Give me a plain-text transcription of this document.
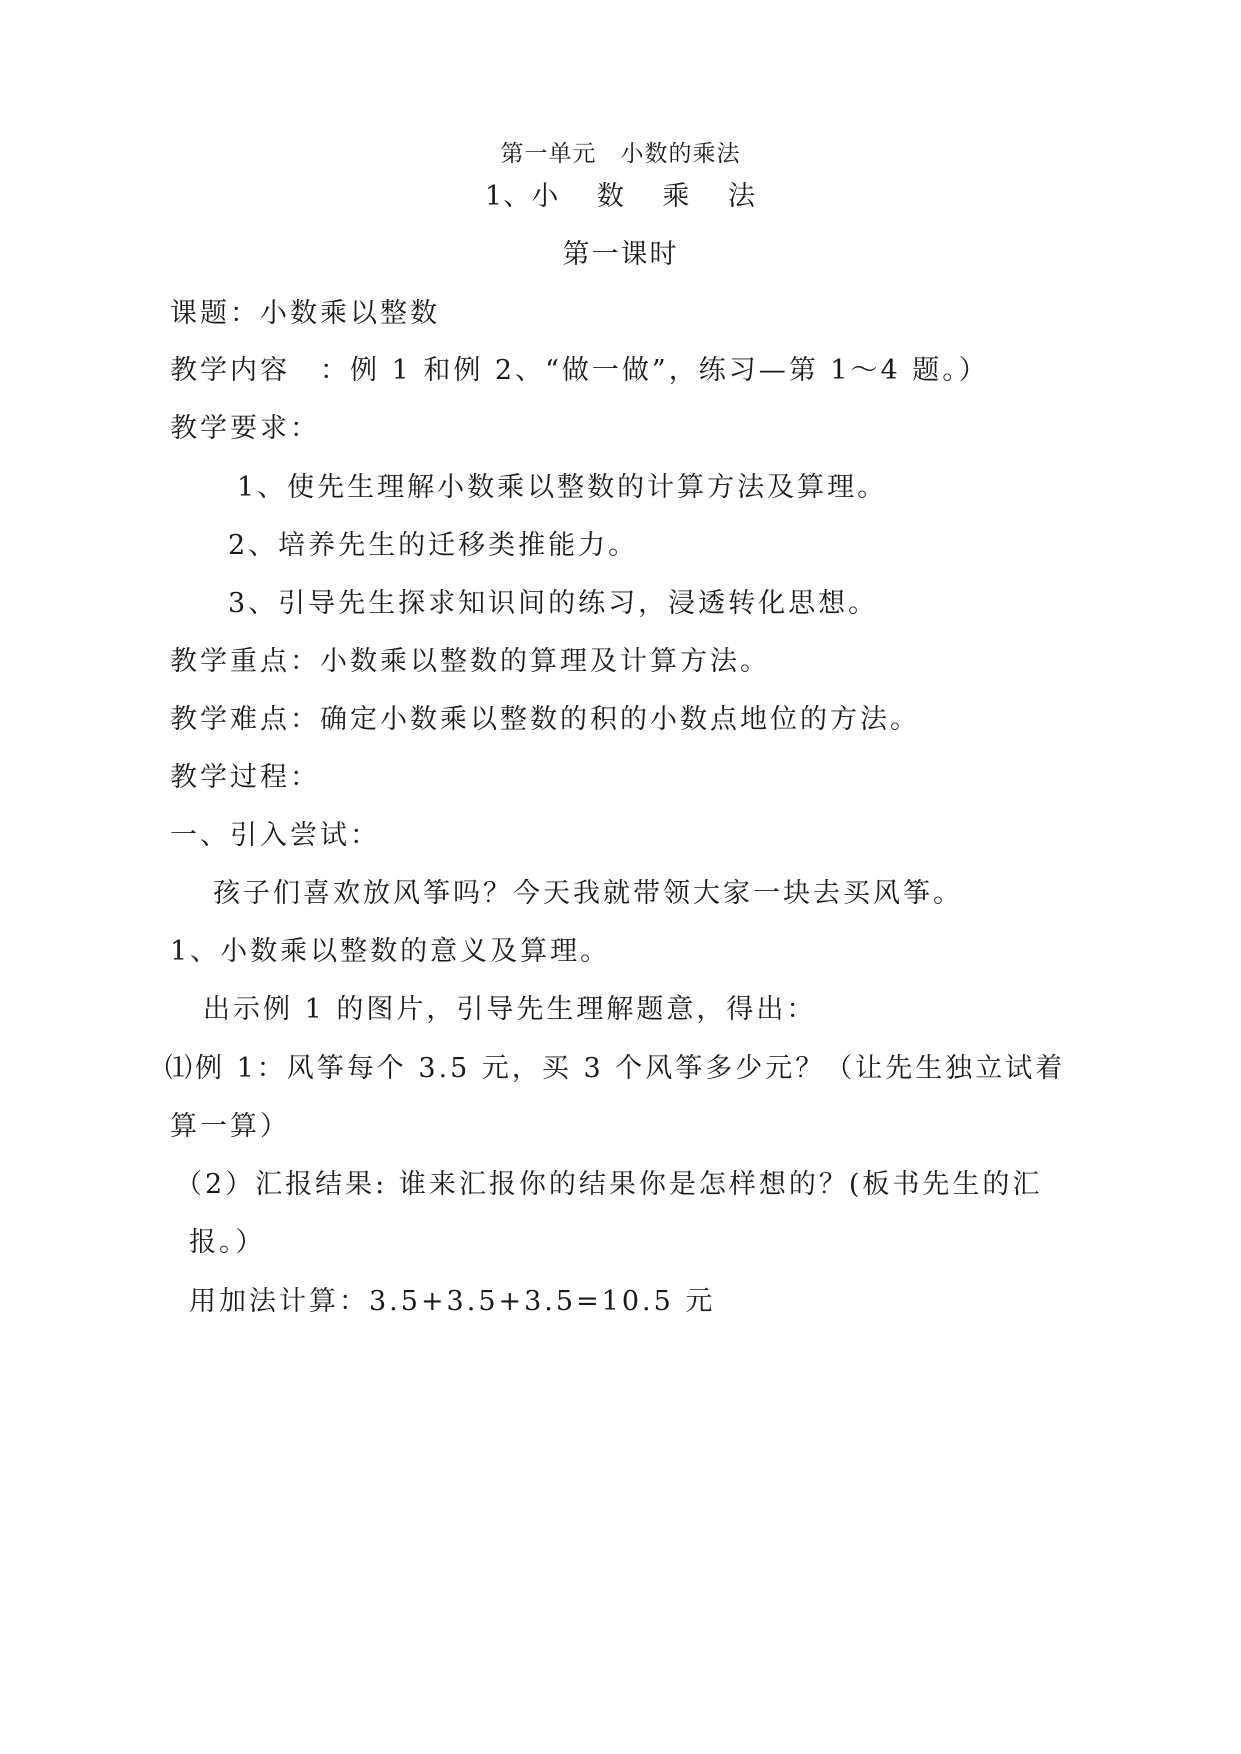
第一单元　小数的乘法
1、小　 数　 乘　 法
第一课时
课题：小数乘以整数
教学内容　：例 1 和例 2、“做一做”，练习—第 1～4 题。）
教学要求：
1、使先生理解小数乘以整数的计算方法及算理。
2、培养先生的迁移类推能力。
3、引导先生探求知识间的练习，浸透转化思想。
教学重点：小数乘以整数的算理及计算方法。
教学难点：确定小数乘以整数的积的小数点地位的方法。
教学过程：
一、引入尝试：
孩子们喜欢放风筝吗？今天我就带领大家一块去买风筝。
1、小数乘以整数的意义及算理。
出示例 1 的图片，引导先生理解题意，得出：
⑴例 1：风筝每个 3.5 元，买 3 个风筝多少元？（让先生独立试着
算一算）
（2）汇报结果: 谁来汇报你的结果你是怎样想的？(板书先生的汇
报。）
用加法计算：3.5+3.5+3.5=10.5 元
